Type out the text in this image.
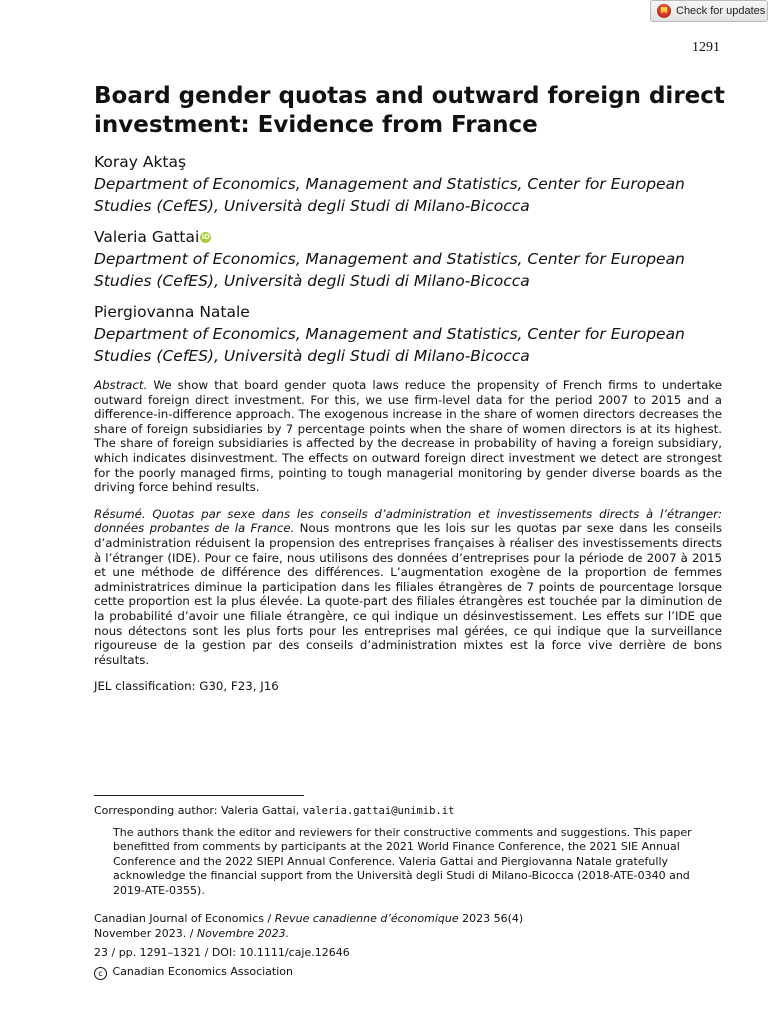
Check for updates
1291
Board gender quotas and outward foreign direct investment: Evidence from France
Koray Aktaş
Department of Economics, Management and Statistics, Center for European Studies (CefES), Università degli Studi di Milano-Bicocca
Valeria Gattai iD
Department of Economics, Management and Statistics, Center for European Studies (CefES), Università degli Studi di Milano-Bicocca
Piergiovanna Natale
Department of Economics, Management and Statistics, Center for European Studies (CefES), Università degli Studi di Milano-Bicocca

Abstract. We show that board gender quota laws reduce the propensity of French firms to undertake outward foreign direct investment. For this, we use firm-level data for the period 2007 to 2015 and a difference-in-difference approach. The exogenous increase in the share of women directors decreases the share of foreign subsidiaries by 7 percentage points when the share of women directors is at its highest. The share of foreign subsidiaries is affected by the decrease in probability of having a foreign subsidiary, which indicates disinvestment. The effects on outward foreign direct investment we detect are strongest for the poorly managed firms, pointing to tough managerial monitoring by gender diverse boards as the driving force behind results.

Résumé. Quotas par sexe dans les conseils d’administration et investissements directs à l’étranger: données probantes de la France. Nous montrons que les lois sur les quotas par sexe dans les conseils d’administration réduisent la propension des entreprises françaises à réaliser des investissements directs à l’étranger (IDE). Pour ce faire, nous utilisons des données d’entreprises pour la période de 2007 à 2015 et une méthode de différence des différences. L’augmentation exogène de la proportion de femmes administratrices diminue la participation dans les filiales étrangères de 7 points de pourcentage lorsque cette proportion est la plus élevée. La quote-part des filiales étrangères est touchée par la diminution de la probabilité d’avoir une filiale étrangère, ce qui indique un désinvestissement. Les effets sur l’IDE que nous détectons sont les plus forts pour les entreprises mal gérées, ce qui indique que la surveillance rigoureuse de la gestion par des conseils d’administration mixtes est la force vive derrière de bons résultats.

JEL classification: G30, F23, J16

Corresponding author: Valeria Gattai, valeria.gattai@unimib.it
The authors thank the editor and reviewers for their constructive comments and suggestions. This paper benefitted from comments by participants at the 2021 World Finance Conference, the 2021 SIE Annual Conference and the 2022 SIEPI Annual Conference. Valeria Gattai and Piergiovanna Natale gratefully acknowledge the financial support from the Università degli Studi di Milano-Bicocca (2018-ATE-0340 and 2019-ATE-0355).
Canadian Journal of Economics / Revue canadienne d’économique 2023 56(4)
November 2023. / Novembre 2023.
23 / pp. 1291–1321 / DOI: 10.1111/caje.12646
c Canadian Economics Association
